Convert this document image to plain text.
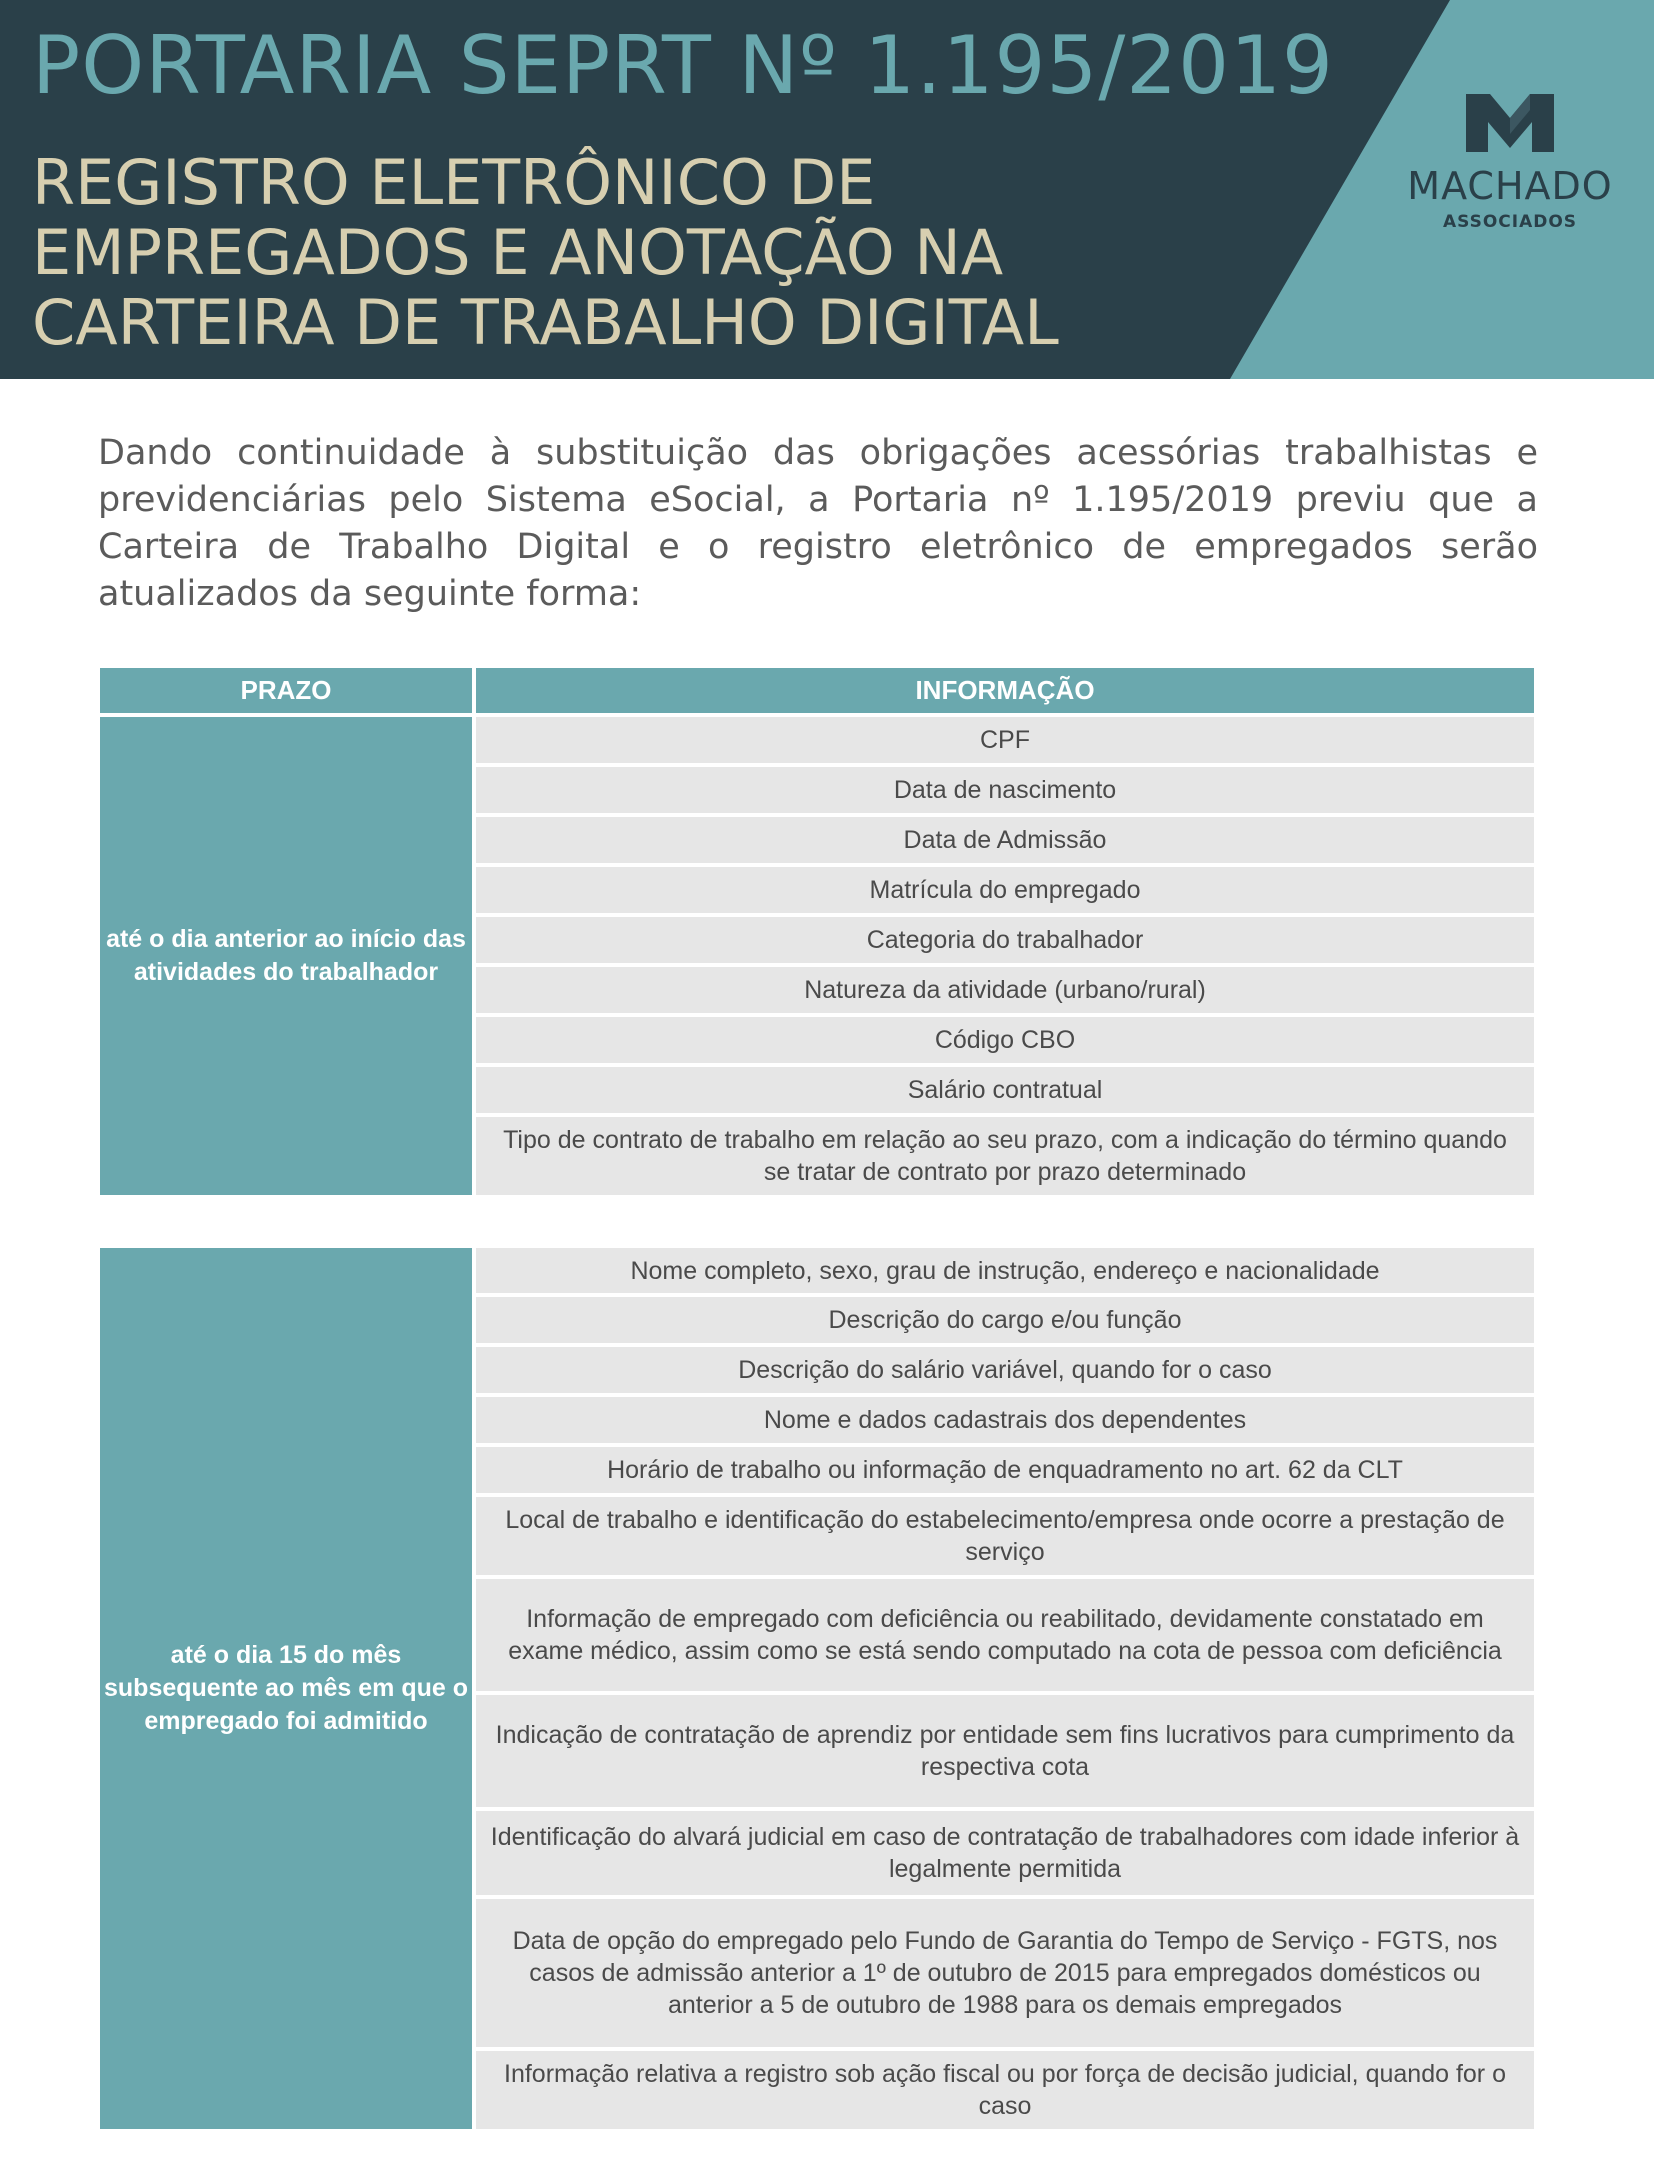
PORTARIA SEPRT Nº 1.195/2019
REGISTRO ELETRÔNICO DE
EMPREGADOS E ANOTAÇÃO NA
CARTEIRA DE TRABALHO DIGITAL
MACHADO
ASSOCIADOS

Dando continuidade à substituição das obrigações acessórias trabalhistas e previdenciárias pelo Sistema eSocial, a Portaria nº 1.195/2019 previu que a Carteira de Trabalho Digital e o registro eletrônico de empregados serão atualizados da seguinte forma:

PRAZO	INFORMAÇÃO
até o dia anterior ao início das atividades do trabalhador
CPF
Data de nascimento
Data de Admissão
Matrícula do empregado
Categoria do trabalhador
Natureza da atividade (urbano/rural)
Código CBO
Salário contratual
Tipo de contrato de trabalho em relação ao seu prazo, com a indicação do término quando se tratar de contrato por prazo determinado
até o dia 15 do mês subsequente ao mês em que o empregado foi admitido
Nome completo, sexo, grau de instrução, endereço e nacionalidade
Descrição do cargo e/ou função
Descrição do salário variável, quando for o caso
Nome e dados cadastrais dos dependentes
Horário de trabalho ou informação de enquadramento no art. 62 da CLT
Local de trabalho e identificação do estabelecimento/empresa onde ocorre a prestação de serviço
Informação de empregado com deficiência ou reabilitado, devidamente constatado em exame médico, assim como se está sendo computado na cota de pessoa com deficiência
Indicação de contratação de aprendiz por entidade sem fins lucrativos para cumprimento da respectiva cota
Identificação do alvará judicial em caso de contratação de trabalhadores com idade inferior à legalmente permitida
Data de opção do empregado pelo Fundo de Garantia do Tempo de Serviço - FGTS, nos casos de admissão anterior a 1º de outubro de 2015 para empregados domésticos ou anterior a 5 de outubro de 1988 para os demais empregados
Informação relativa a registro sob ação fiscal ou por força de decisão judicial, quando for o caso
